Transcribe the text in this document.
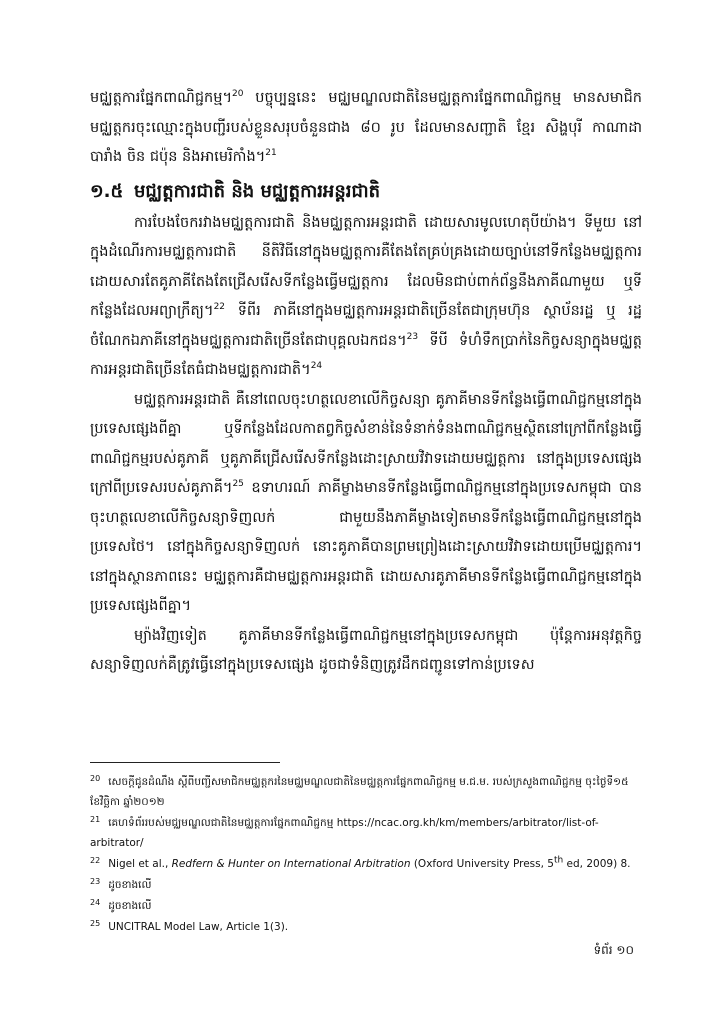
មជ្ឈត្តការផ្នែកពាណិជ្ជកម្ម។$^{20}$ បច្ចុប្បន្ននេះ មជ្ឈមណ្ឌលជាតិនៃមជ្ឈត្តការផ្នែកពាណិជ្ជកម្ម មានសមាជិកមជ្ឈត្តករចុះឈ្មោះក្នុងបញ្ជីរបស់ខ្លួនសរុបចំនួនជាង ៨០ រូប ដែលមានសញ្ជាតិ ខ្មែរ សិង្ហបុរី កាណាដា បារាំង ចិន ជប៉ុន និងអាមេរិកាំង។$^{21}$

១.៥ មជ្ឈត្តការជាតិ និង មជ្ឈត្តការអន្តរជាតិ

ការបែងចែករវាងមជ្ឈត្តការជាតិ និងមជ្ឈត្តការអន្តរជាតិ ដោយសារមូលហេតុបីយ៉ាង។ ទីមួយ នៅក្នុងដំណើរការមជ្ឈត្តការជាតិ នីតិវិធីនៅក្នុងមជ្ឈត្តការគឺតែងតែគ្រប់គ្រងដោយច្បាប់នៅទីកន្លែងមជ្ឈត្តការ ដោយសារតែគូភាគីតែងតែជ្រើសរើសទីកន្លែងធ្វើមជ្ឈត្តការ ដែលមិនជាប់ពាក់ព័ន្ធនឹងភាគីណាមួយ ឬទីកន្លែងដែលអព្យាក្រឹត្យ។$^{22}$ ទីពីរ ភាគីនៅក្នុងមជ្ឈត្តការអន្តរជាតិច្រើនតែជាក្រុមហ៊ុន ស្ថាប័នរដ្ឋ ឬ រដ្ឋ ចំណែកឯភាគីនៅក្នុងមជ្ឈត្តការជាតិច្រើនតែជាបុគ្គលឯកជន។$^{23}$ ទីបី ទំហំទឹកប្រាក់នៃកិច្ចសន្យាក្នុងមជ្ឈត្តការអន្តរជាតិច្រើនតែធំជាងមជ្ឈត្តការជាតិ។$^{24}$

មជ្ឈត្តការអន្តរជាតិ គឺនៅពេលចុះហត្ថលេខាលើកិច្ចសន្យា គូភាគីមានទីកន្លែងធ្វើពាណិជ្ជកម្មនៅក្នុងប្រទេសផ្សេងពីគ្នា ឬទីកន្លែងដែលកាតព្វកិច្ចសំខាន់នៃទំនាក់ទំនងពាណិជ្ជកម្មស្ថិតនៅក្រៅពីកន្លែងធ្វើពាណិជ្ជកម្មរបស់គូភាគី ឬគូភាគីជ្រើសរើសទីកន្លែងដោះស្រាយវិវាទដោយមជ្ឈត្តការ នៅក្នុងប្រទេសផ្សេងក្រៅពីប្រទេសរបស់គូភាគី។$^{25}$ ឧទាហរណ៍ ភាគីម្ខាងមានទីកន្លែងធ្វើពាណិជ្ជកម្មនៅក្នុងប្រទេសកម្ពុជា បានចុះហត្ថលេខាលើកិច្ចសន្យាទិញលក់ ជាមួយនឹងភាគីម្ខាងទៀតមានទីកន្លែងធ្វើពាណិជ្ជកម្មនៅក្នុងប្រទេសថៃ។ នៅក្នុងកិច្ចសន្យាទិញលក់ នោះគូភាគីបានព្រមព្រៀងដោះស្រាយវិវាទដោយប្រើមជ្ឈត្តការ។ នៅក្នុងស្ថានភាពនេះ មជ្ឈត្តការគឺជាមជ្ឈត្តការអន្តរជាតិ ដោយសារគូភាគីមានទីកន្លែងធ្វើពាណិជ្ជកម្មនៅក្នុងប្រទេសផ្សេងពីគ្នា។

ម្យ៉ាងវិញទៀត គូភាគីមានទីកន្លែងធ្វើពាណិជ្ជកម្មនៅក្នុងប្រទេសកម្ពុជា ប៉ុន្តែការអនុវត្តកិច្ចសន្យាទិញលក់គឺត្រូវធ្វើនៅក្នុងប្រទេសផ្សេង ដូចជាទំនិញត្រូវដឹកជញ្ជូនទៅកាន់ប្រទេស

$^{20}$ សេចក្តីជូនដំណឹង ស្តីពីបញ្ជីសមាជិកមជ្ឈត្តករនៃមជ្ឈមណ្ឌលជាតិនៃមជ្ឈត្តការផ្នែកពាណិជ្ជកម្ម ម.ជ.ម. របស់ក្រសួងពាណិជ្ជកម្ម ចុះថ្ងៃទី១៥ ខែវិច្ឆិកា ឆ្នាំ២០១២

$^{21}$ គេហទំព័ររបស់មជ្ឈមណ្ឌលជាតិនៃមជ្ឈត្តការផ្នែកពាណិជ្ជកម្ម https://ncac.org.kh/km/members/arbitrator/list-of-arbitrator/

$^{22}$ Nigel et al., Redfern & Hunter on International Arbitration (Oxford University Press, 5th ed, 2009) 8.

$^{23}$ ដូចខាងលើ

$^{24}$ ដូចខាងលើ

$^{25}$ UNCITRAL Model Law, Article 1(3).

ទំព័រ ១០
